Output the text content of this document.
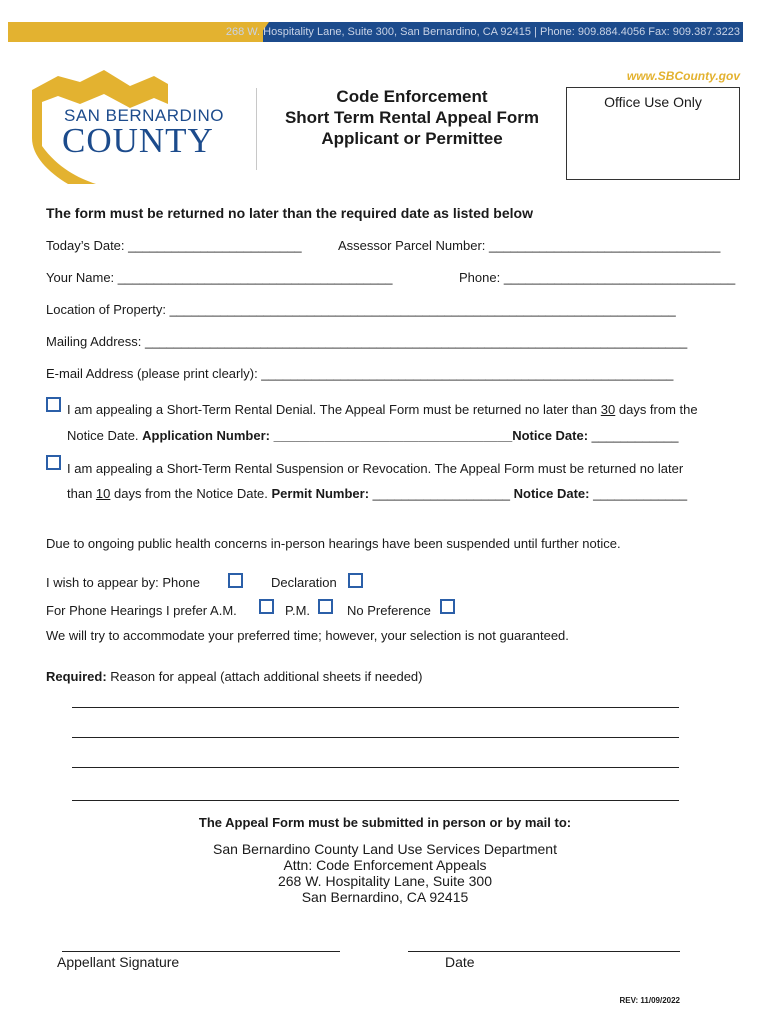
268 W. Hospitality Lane, Suite 300, San Bernardino, CA 92415 | Phone: 909.884.4056 Fax: 909.387.3223
www.SBCounty.gov
SAN BERNARDINO
COUNTY
Code Enforcement
Short Term Rental Appeal Form
Applicant or Permittee
Office Use Only
The form must be returned no later than the required date as listed below
Today’s Date: ________________________	Assessor Parcel Number: ________________________________
Your Name: ______________________________________	Phone: ________________________________
Location of Property: ______________________________________________________________________
Mailing Address: ___________________________________________________________________________
E-mail Address (please print clearly): _________________________________________________________
I am appealing a Short-Term Rental Denial. The Appeal Form must be returned no later than 30 days from the
Notice Date. Application Number: _________________________________Notice Date: ____________
I am appealing a Short-Term Rental Suspension or Revocation. The Appeal Form must be returned no later
than 10 days from the Notice Date. Permit Number: ___________________ Notice Date: _____________
Due to ongoing public health concerns in-person hearings have been suspended until further notice.
I wish to appear by: Phone	Declaration
For Phone Hearings I prefer A.M.	P.M.	No Preference
We will try to accommodate your preferred time; however, your selection is not guaranteed.
Required: Reason for appeal (attach additional sheets if needed)
The Appeal Form must be submitted in person or by mail to:
San Bernardino County Land Use Services Department
Attn: Code Enforcement Appeals
268 W. Hospitality Lane, Suite 300
San Bernardino, CA 92415
Appellant Signature	Date
REV: 11/09/2022
